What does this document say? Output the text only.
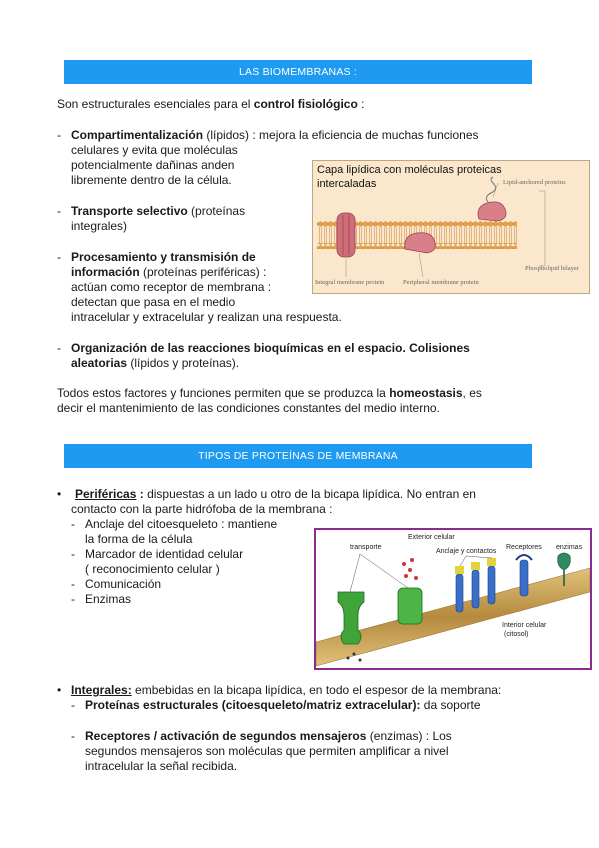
LAS BIOMEMBRANAS :
Son estructurales esenciales para el control fisiológico :
- Compartimentalización (lípidos) : mejora la eficiencia de muchas funciones
celulares y evita que moléculas
potencialmente dañinas anden
libremente dentro de la célula.
- Transporte selectivo (proteínas
integrales)
- Procesamiento y transmisión de
información (proteínas periféricas) :
actúan como receptor de membrana :
detectan que pasa en el medio
intracelular y extracelular y realizan una respuesta.
- Organización de las reacciones bioquímicas en el espacio. Colisiones
aleatorias (lípidos y proteínas).
Todos estos factores y funciones permiten que se produzca la homeostasis, es
decir el mantenimiento de las condiciones constantes del medio interno.
Capa lipídica con moléculas proteicas intercaladas	Lipid-anchored proteins
Phospholipid bilayer
Integral membrane protein	Peripheral membrane protein
TIPOS DE PROTEÍNAS DE MEMBRANA
• Periféricas : dispuestas a un lado u otro de la bicapa lipídica. No entran en
contacto con la parte hidrófoba de la membrana :
- Anclaje del citoesqueleto : mantiene
la forma de la célula
- Marcador de identidad celular
( reconocimiento celular )
- Comunicación
- Enzimas
transporte
Exterior celular
Anclaje y contactos
Receptores enzimas
Interior celular
(citosol)
• Integrales: embebidas en la bicapa lipídica, en todo el espesor de la membrana:
- Proteínas estructurales (citoesqueleto/matriz extracelular): da soporte
- Receptores / activación de segundos mensajeros (enzimas) : Los
segundos mensajeros son moléculas que permiten amplificar a nivel
intracelular la señal recibida.
